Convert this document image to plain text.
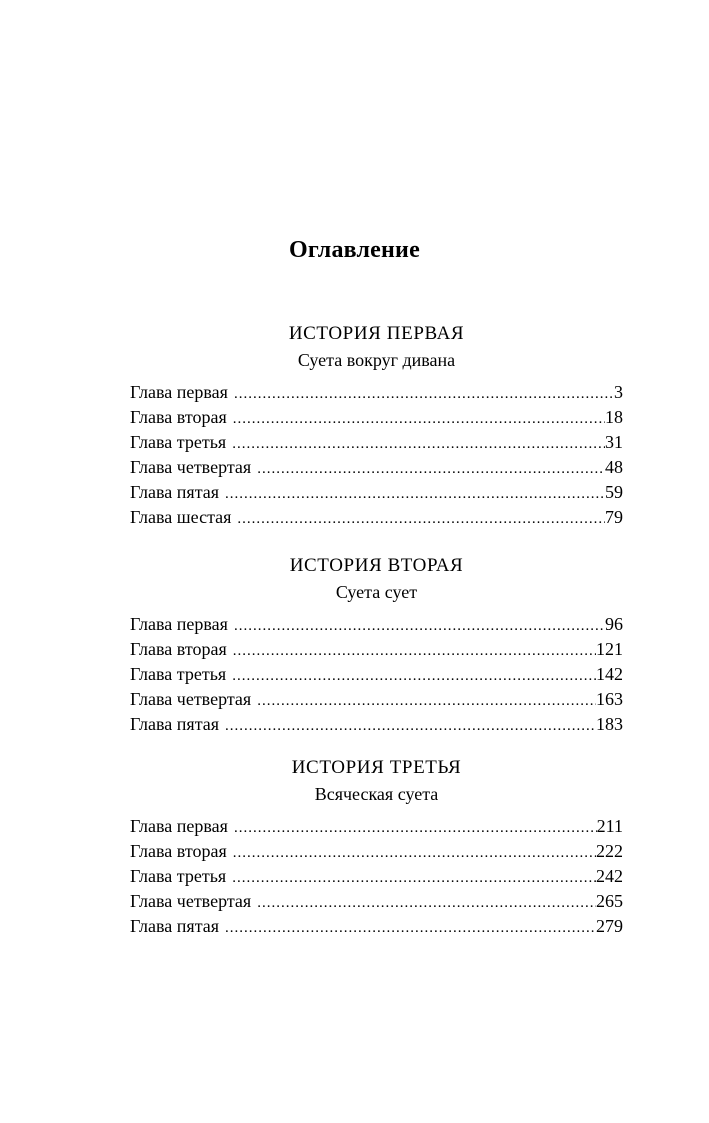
Оглавление
ИСТОРИЯ ПЕРВАЯ
Суета вокруг дивана
Глава первая .....	3
Глава вторая .....	18
Глава третья .....	31
Глава четвертая .....	48
Глава пятая .....	59
Глава шестая .....	79
ИСТОРИЯ ВТОРАЯ
Суета сует
Глава первая .....	96
Глава вторая .....	121
Глава третья .....	142
Глава четвертая .....	163
Глава пятая .....	183
ИСТОРИЯ ТРЕТЬЯ
Всяческая суета
Глава первая .....	211
Глава вторая .....	222
Глава третья .....	242
Глава четвертая .....	265
Глава пятая .....	279
